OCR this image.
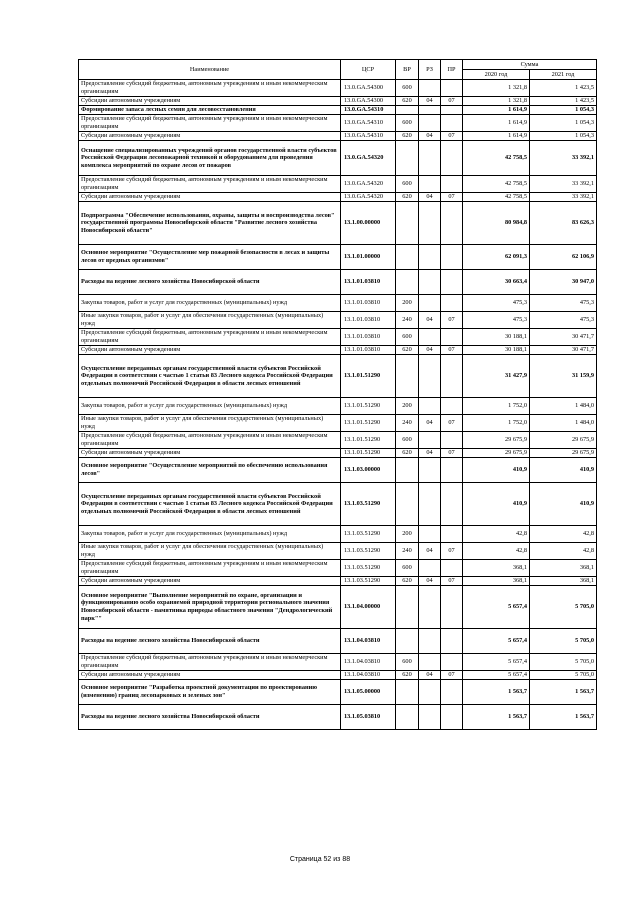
Наименование	ЦСР	ВР	РЗ	ПР	Сумма	
					2020 год	2021 год
Предоставление субсидий бюджетным, автономным учреждениям и иным некоммерческим организациям	13.0.GA.54300	600			1 321,8	1 423,5
Субсидии автономным учреждениям	13.0.GA.54300	620	04	07	1 321,8	1 423,5
Формирование запаса лесных семян для лесовосстановления	13.0.GA.54310				1 614,9	1 054,3
Предоставление субсидий бюджетным, автономным учреждениям и иным некоммерческим организациям	13.0.GA.54310	600			1 614,9	1 054,3
Субсидии автономным учреждениям	13.0.GA.54310	620	04	07	1 614,9	1 054,3
Оснащение специализированных учреждений органов государственной власти субъектов Российской Федерации лесопожарной техникой и оборудованием для проведения комплекса мероприятий по охране лесов от пожаров	13.0.GA.54320				42 758,5	33 392,1
Предоставление субсидий бюджетным, автономным учреждениям и иным некоммерческим организациям	13.0.GA.54320	600			42 758,5	33 392,1
Субсидии автономным учреждениям	13.0.GA.54320	620	04	07	42 758,5	33 392,1
Подпрограмма "Обеспечение использования, охраны, защиты и воспроизводства лесов" государственной программы Новосибирской области "Развитие лесного хозяйства Новосибирской области"	13.1.00.00000				80 984,8	83 626,3
Основное мероприятие "Осуществление мер пожарной безопасности в лесах и защиты лесов от вредных организмов"	13.1.01.00000				62 091,3	62 106,9
Расходы на ведение лесного хозяйства Новосибирской области	13.1.01.03810				30 663,4	30 947,0
Закупка товаров, работ и услуг для государственных (муниципальных) нужд	13.1.01.03810	200			475,3	475,3
Иные закупки товаров, работ и услуг для обеспечения государственных (муниципальных) нужд	13.1.01.03810	240	04	07	475,3	475,3
Предоставление субсидий бюджетным, автономным учреждениям и иным некоммерческим организациям	13.1.01.03810	600			30 188,1	30 471,7
Субсидии автономным учреждениям	13.1.01.03810	620	04	07	30 188,1	30 471,7
Осуществление переданных органам государственной власти субъектов Российской Федерации в соответствии с частью 1 статьи 83 Лесного кодекса Российской Федерации отдельных полномочий Российской Федерации в области лесных отношений	13.1.01.51290				31 427,9	31 159,9
Закупка товаров, работ и услуг для государственных (муниципальных) нужд	13.1.01.51290	200			1 752,0	1 484,0
Иные закупки товаров, работ и услуг для обеспечения государственных (муниципальных) нужд	13.1.01.51290	240	04	07	1 752,0	1 484,0
Предоставление субсидий бюджетным, автономным учреждениям и иным некоммерческим организациям	13.1.01.51290	600			29 675,9	29 675,9
Субсидии автономным учреждениям	13.1.01.51290	620	04	07	29 675,9	29 675,9
Основное мероприятие "Осуществление мероприятий по обеспечению использования лесов"	13.1.03.00000				410,9	410,9
Осуществление переданных органам государственной власти субъектов Российской Федерации в соответствии с частью 1 статьи 83 Лесного кодекса Российской Федерации отдельных полномочий Российской Федерации в области лесных отношений	13.1.03.51290				410,9	410,9
Закупка товаров, работ и услуг для государственных (муниципальных) нужд	13.1.03.51290	200			42,8	42,8
Иные закупки товаров, работ и услуг для обеспечения государственных (муниципальных) нужд	13.1.03.51290	240	04	07	42,8	42,8
Предоставление субсидий бюджетным, автономным учреждениям и иным некоммерческим организациям	13.1.03.51290	600			368,1	368,1
Субсидии автономным учреждениям	13.1.03.51290	620	04	07	368,1	368,1
Основное мероприятие "Выполнение мероприятий по охране, организации и функционированию особо охраняемой природной территории регионального значения Новосибирской области - памятника природы областного значения "Дендрологический парк""	13.1.04.00000				5 657,4	5 705,0
Расходы на ведение лесного хозяйства Новосибирской области	13.1.04.03810				5 657,4	5 705,0
Предоставление субсидий бюджетным, автономным учреждениям и иным некоммерческим организациям	13.1.04.03810	600			5 657,4	5 705,0
Субсидии автономным учреждениям	13.1.04.03810	620	04	07	5 657,4	5 705,0
Основное мероприятие "Разработка проектной документации по проектированию (изменению) границ лесопарковых и зеленых зон"	13.1.05.00000				1 563,7	1 563,7
Расходы на ведение лесного хозяйства Новосибирской области	13.1.05.03810				1 563,7	1 563,7
Страница 52 из 88
